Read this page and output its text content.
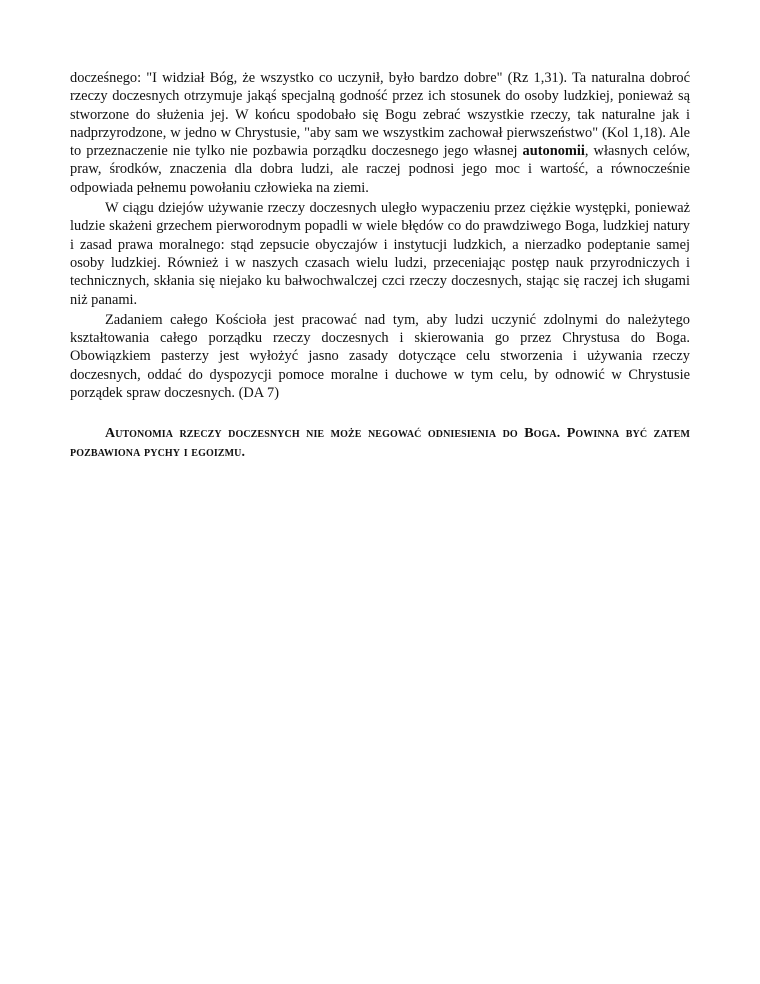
docześnego: "I widział Bóg, że wszystko co uczynił, było bardzo dobre" (Rz 1,31). Ta naturalna dobroć rzeczy doczesnych otrzymuje jakąś specjalną godność przez ich stosunek do osoby ludzkiej, ponieważ są stworzone do służenia jej. W końcu spodobało się Bogu zebrać wszystkie rzeczy, tak naturalne jak i nadprzyrodzone, w jedno w Chrystusie, "aby sam we wszystkim zachował pierwszeństwo" (Kol 1,18). Ale to przeznaczenie nie tylko nie pozbawia porządku doczesnego jego własnej autonomii, własnych celów, praw, środków, znaczenia dla dobra ludzi, ale raczej podnosi jego moc i wartość, a równocześnie odpowiada pełnemu powołaniu człowieka na ziemi.

W ciągu dziejów używanie rzeczy doczesnych uległo wypaczeniu przez ciężkie występki, ponieważ ludzie skażeni grzechem pierworodnym popadli w wiele błędów co do prawdziwego Boga, ludzkiej natury i zasad prawa moralnego: stąd zepsucie obyczajów i instytucji ludzkich, a nierzadko podeptanie samej osoby ludzkiej. Również i w naszych czasach wielu ludzi, przeceniając postęp nauk przyrodniczych i technicznych, skłania się niejako ku bałwochwalczej czci rzeczy doczesnych, stając się raczej ich sługami niż panami.

Zadaniem całego Kościoła jest pracować nad tym, aby ludzi uczynić zdolnymi do należytego kształtowania całego porządku rzeczy doczesnych i skierowania go przez Chrystusa do Boga. Obowiązkiem pasterzy jest wyłożyć jasno zasady dotyczące celu stworzenia i używania rzeczy doczesnych, oddać do dyspozycji pomoce moralne i duchowe w tym celu, by odnowić w Chrystusie porządek spraw doczesnych. (DA 7)

Autonomia rzeczy doczesnych nie może negować odniesienia do Boga. Powinna być zatem pozbawiona pychy i egoizmu.
